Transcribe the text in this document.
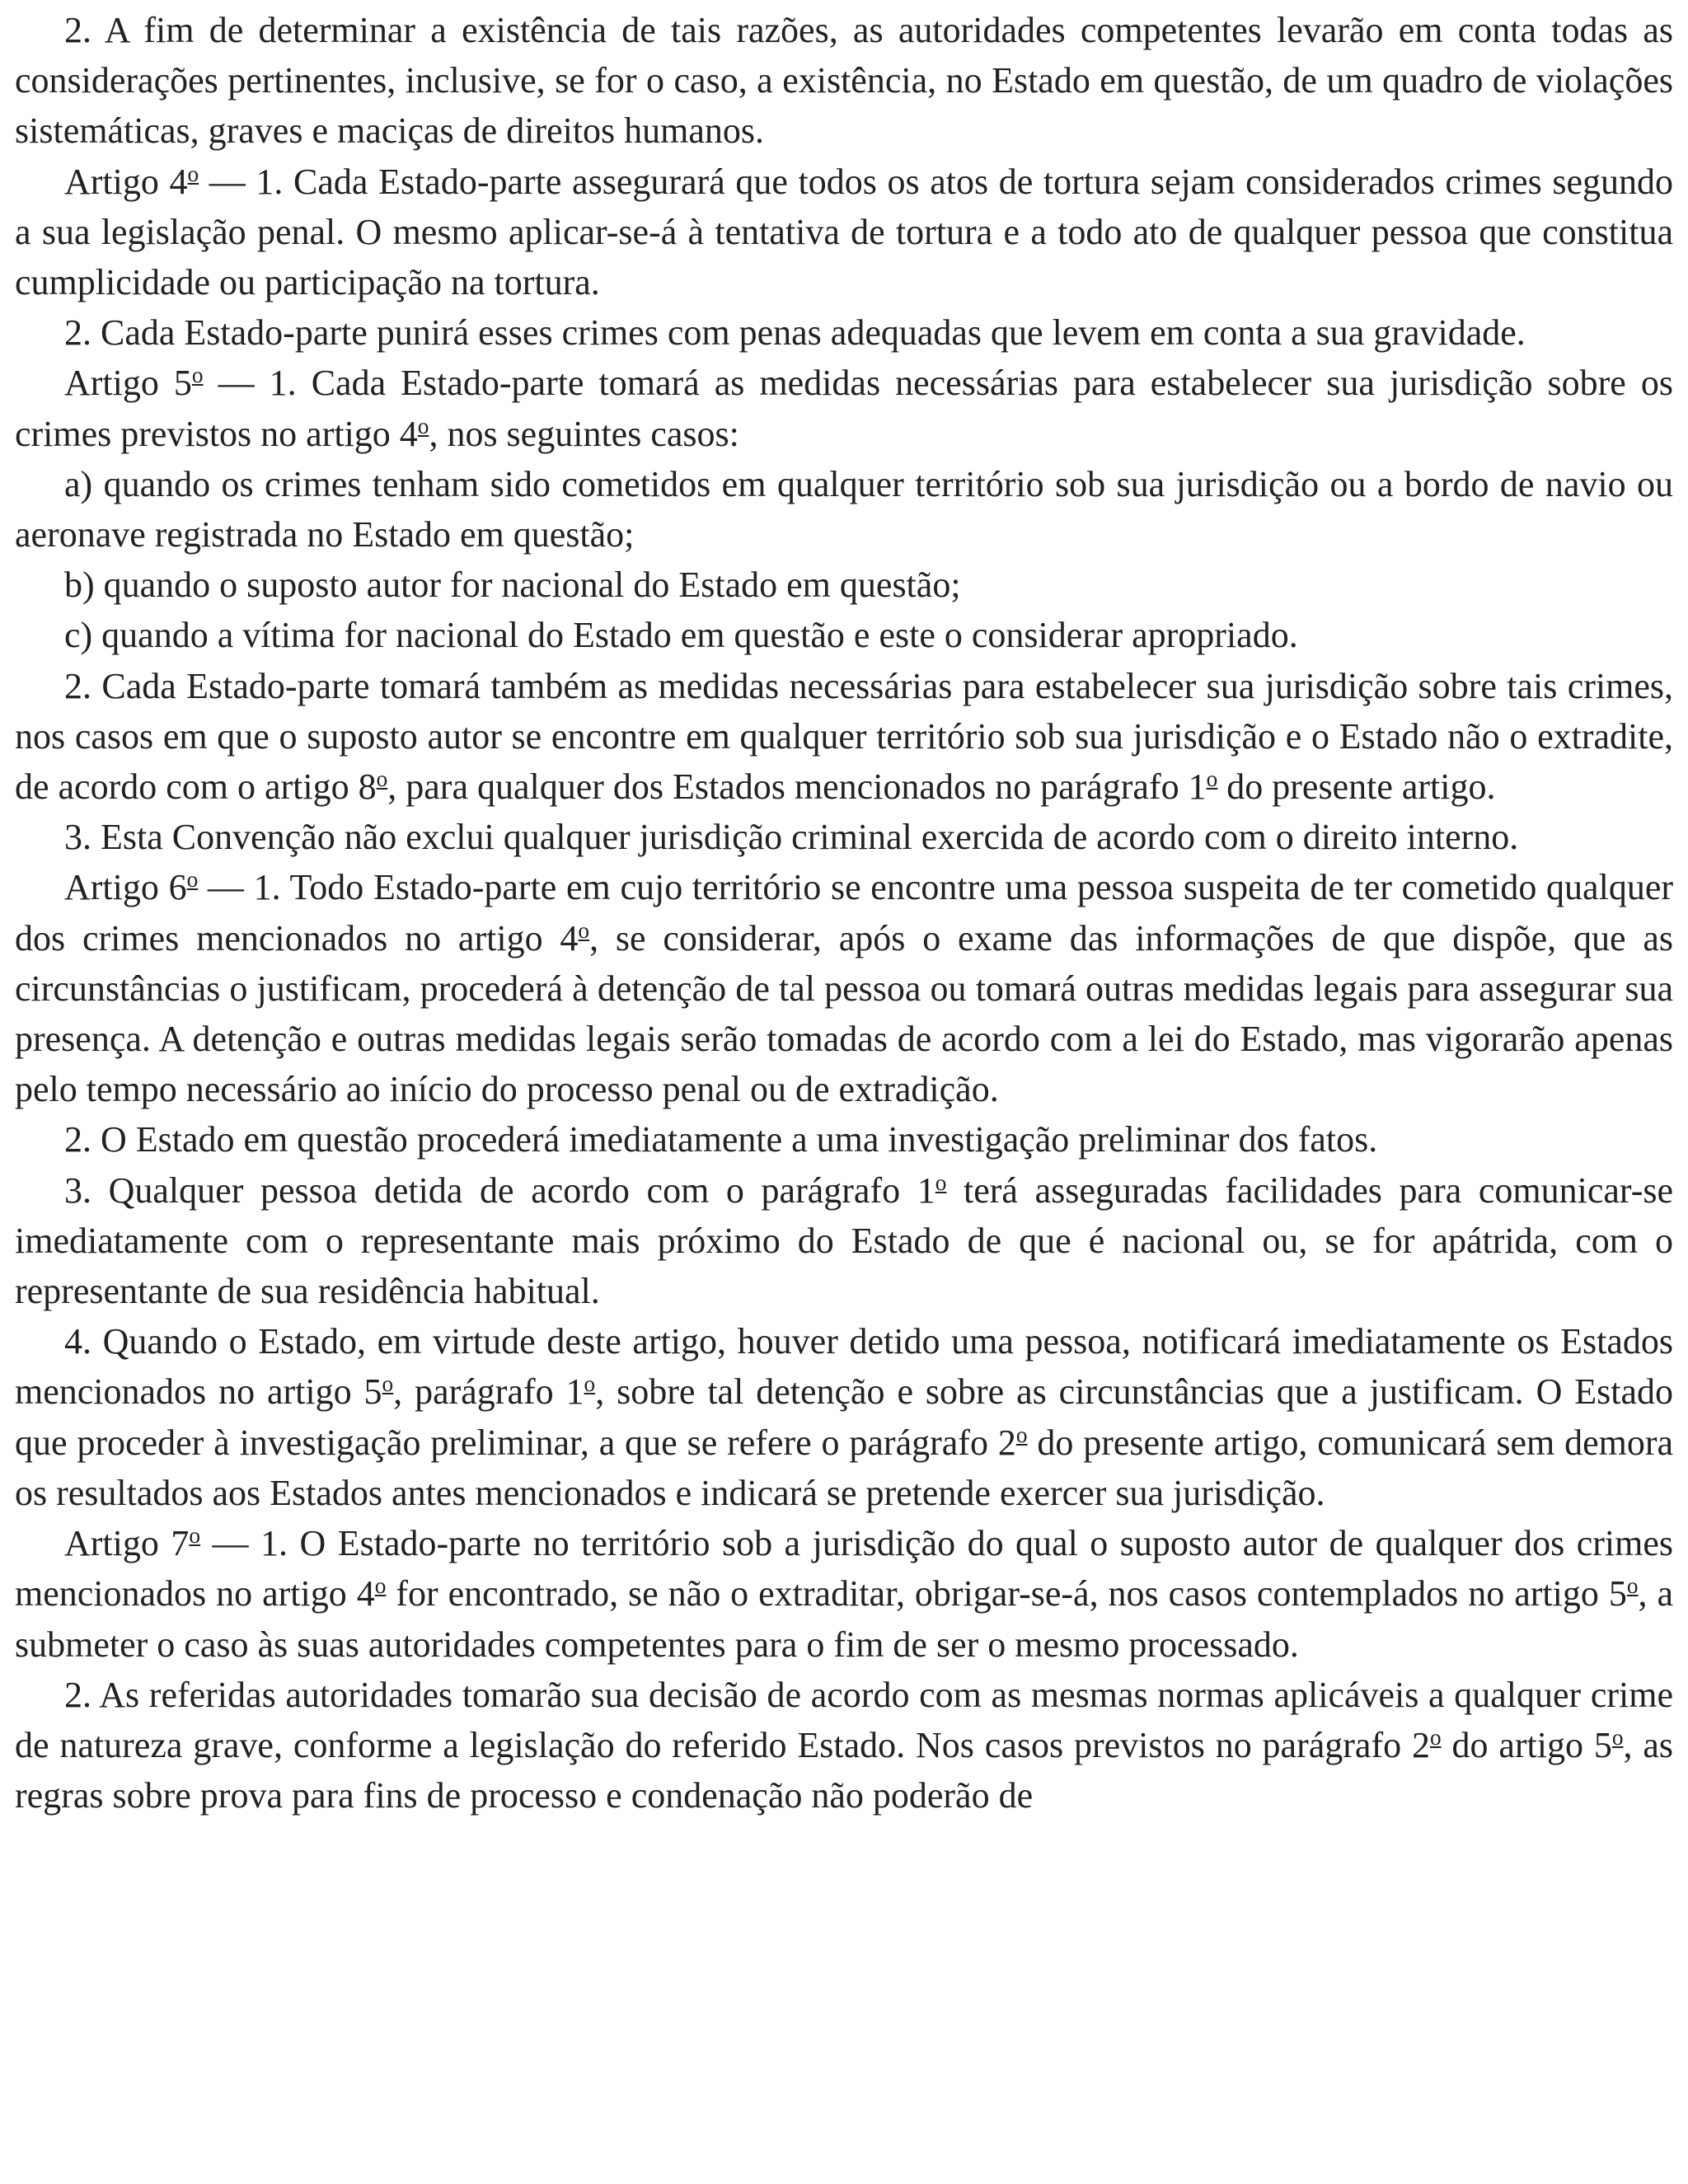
2. A fim de determinar a existência de tais razões, as autoridades competentes levarão em conta todas as considerações pertinentes, inclusive, se for o caso, a existência, no Estado em questão, de um quadro de violações sistemáticas, graves e maciças de direitos humanos.

Artigo 4$^o$ — 1. Cada Estado-parte assegurará que todos os atos de tortura sejam considerados crimes segundo a sua legislação penal. O mesmo aplicar-se-á à tentativa de tortura e a todo ato de qualquer pessoa que constitua cumplicidade ou participação na tortura.

2. Cada Estado-parte punirá esses crimes com penas adequadas que levem em conta a sua gravidade.

Artigo 5$^o$ — 1. Cada Estado-parte tomará as medidas necessárias para estabelecer sua jurisdição sobre os crimes previstos no artigo 4$^o$, nos seguintes casos:

a) quando os crimes tenham sido cometidos em qualquer território sob sua jurisdição ou a bordo de navio ou aeronave registrada no Estado em questão;

b) quando o suposto autor for nacional do Estado em questão;

c) quando a vítima for nacional do Estado em questão e este o considerar apropriado.

2. Cada Estado-parte tomará também as medidas necessárias para estabelecer sua jurisdição sobre tais crimes, nos casos em que o suposto autor se encontre em qualquer território sob sua jurisdição e o Estado não o extradite, de acordo com o artigo 8$^o$, para qualquer dos Estados mencionados no parágrafo 1$^o$ do presente artigo.

3. Esta Convenção não exclui qualquer jurisdição criminal exercida de acordo com o direito interno.

Artigo 6$^o$ — 1. Todo Estado-parte em cujo território se encontre uma pessoa suspeita de ter cometido qualquer dos crimes mencionados no artigo 4$^o$, se considerar, após o exame das informações de que dispõe, que as circunstâncias o justificam, procederá à detenção de tal pessoa ou tomará outras medidas legais para assegurar sua presença. A detenção e outras medidas legais serão tomadas de acordo com a lei do Estado, mas vigorarão apenas pelo tempo necessário ao início do processo penal ou de extradição.

2. O Estado em questão procederá imediatamente a uma investigação preliminar dos fatos.

3. Qualquer pessoa detida de acordo com o parágrafo 1$^o$ terá asseguradas facilidades para comunicar-se imediatamente com o representante mais próximo do Estado de que é nacional ou, se for apátrida, com o representante de sua residência habitual.

4. Quando o Estado, em virtude deste artigo, houver detido uma pessoa, notificará imediatamente os Estados mencionados no artigo 5$^o$, parágrafo 1$^o$, sobre tal detenção e sobre as circunstâncias que a justificam. O Estado que proceder à investigação preliminar, a que se refere o parágrafo 2$^o$ do presente artigo, comunicará sem demora os resultados aos Estados antes mencionados e indicará se pretende exercer sua jurisdição.

Artigo 7$^o$ — 1. O Estado-parte no território sob a jurisdição do qual o suposto autor de qualquer dos crimes mencionados no artigo 4$^o$ for encontrado, se não o extraditar, obrigar-se-á, nos casos contemplados no artigo 5$^o$, a submeter o caso às suas autoridades competentes para o fim de ser o mesmo processado.

2. As referidas autoridades tomarão sua decisão de acordo com as mesmas normas aplicáveis a qualquer crime de natureza grave, conforme a legislação do referido Estado. Nos casos previstos no parágrafo 2$^o$ do artigo 5$^o$, as regras sobre prova para fins de processo e condenação não poderão de
